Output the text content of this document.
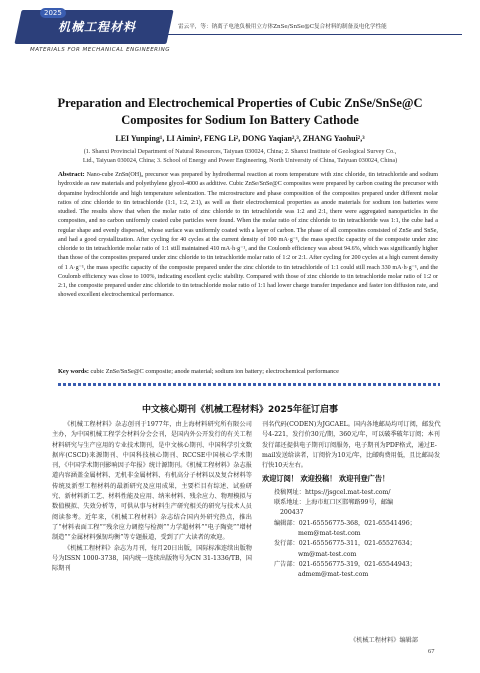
2025
机械工程材料
MATERIALS FOR MECHANICAL ENGINEERING
雷云平，等：钠离子电池负极用立方体ZnSe/SnSe@C复合材料的制备及电化学性能
Preparation and Electrochemical Properties of Cubic ZnSe/SnSe@C
Composites for Sodium Ion Battery Cathode
LEI Yunping¹, LI Aimin², FENG Li², DONG Yaqian²,³, ZHANG Yaohui²,³
(1. Shanxi Provincial Department of Natural Resources, Taiyuan 030024, China; 2. Shanxi Institute of Geological Survey Co.,
Ltd., Taiyuan 030024, China; 3. School of Energy and Power Engineering, North University of China, Taiyuan 030024, China)
Abstract: Nano-cube ZnSn(OH)₆ precursor was prepared by hydrothermal reaction at room temperature with zinc chloride, tin tetrachloride and sodium hydroxide as raw materials and polyethylene glycol-4000 as additive. Cubic ZnSe/SnSe@C composites were prepared by carbon coating the precursor with dopamine hydrochloride and high temperature selenization. The microstructure and phase composition of the composites prepared under different molar ratios of zinc chloride to tin tetrachloride (1:1, 1:2, 2:1), as well as their electrochemical properties as anode materials for sodium ion batteries were studied. The results show that when the molar ratio of zinc chloride to tin tetrachloride was 1:2 and 2:1, there were aggregated nanoparticles in the composites, and no carbon uniformly coated cube particles were found. When the molar ratio of zinc chloride to tin tetrachloride was 1:1, the cube had a regular shape and evenly dispersed, whose surface was uniformly coated with a layer of carbon. The phase of all composites consisted of ZnSe and SnSe, and had a good crystallization. After cycling for 40 cycles at the current density of 100 mA·g⁻¹, the mass specific capacity of the composite under zinc chloride to tin tetrachloride molar ratio of 1:1 still maintained 410 mA·h·g⁻¹, and the Coulomb efficiency was about 94.6%, which was significantly higher than those of the composites prepared under zinc chloride to tin tetrachloride molar ratio of 1:2 or 2:1. After cycling for 200 cycles at a high current density of 1 A·g⁻¹, the mass specific capacity of the composite prepared under the zinc chloride to tin tetrachloride of 1:1 could still reach 330 mA·h·g⁻¹, and the Coulomb efficiency was close to 100%, indicating excellent cyclic stability. Compared with those of zinc chloride to tin tetrachloride molar ratio of 1:2 or 2:1, the composite prepared under zinc chloride to tin tetrachloride molar ratio of 1:1 had lower charge transfer impedance and faster ion diffusion rate, and showed excellent electrochemical performance.
Key words: cubic ZnSe/SnSe@C composite; anode material; sodium ion battery; electrochemical performance
中文核心期刊《机械工程材料》2025年征订启事

《机械工程材料》杂志创刊于1977年，由上海材料研究所有限公司主办，为中国机械工程学会材料分会会刊，是国内外公开发行的有关工程材料研究与生产应用的专业技术期刊，是中文核心期刊、中国科学引文数据库(CSCD)来源期刊、中国科技核心期刊、RCCSE中国核心学术期刊，《中国学术期刊影响因子年报》统计源期刊。《机械工程材料》杂志报道内容涵盖金属材料、无机非金属材料、有机高分子材料以及复合材料等传统及新型工程材料的最新研究及应用成果，主要栏目有综述、试验研究、新材料新工艺、材料性能及应用、纳米材料、残余应力、物理模拟与数值模拟、失效分析等，可供从事与材料生产研究相关的研究与技术人员阅读参考。近年来，《机械工程材料》杂志结合国内外研究热点，推出了“材料表面工程”“残余应力调控与检测”“力学超材料”“电子陶瓷”“增材制造”“金属材料强韧均衡”等专题报道，受到了广大读者的欢迎。

《机械工程材料》杂志为月刊，每月20日出版，国际标准连续出版物号为ISSN 1000-3738，国内统一连续出版物号为CN 31-1336/TB，国际期刊

刊名代码(CODEN)为JGCAEL。国内各地邮局均可订阅，邮发代号4-221，发行价30元/期，360元/年，可以破季破年订阅；本刊发行部还提供电子期刊订阅服务，电子期刊为PDF格式，通过E-mail发送给读者，订阅价为10元/年，比邮购费用低，且比邮局发行快10天左右。

欢迎订阅！ 欢迎投稿！ 欢迎刊登广告！

投稿网址：https://jsgcel.mat-test.com/

联系地址：上海市虹口区邯郸路99号，邮编

200437

编辑部：021-65556775-368，021-65541496；
mem@mat-test.com

发行部：021-65556775-311，021-65527634；
wm@mat-test.com

广告部：021-65556775-319，021-65544943；
admem@mat-test.com

《机械工程材料》编辑部
67
